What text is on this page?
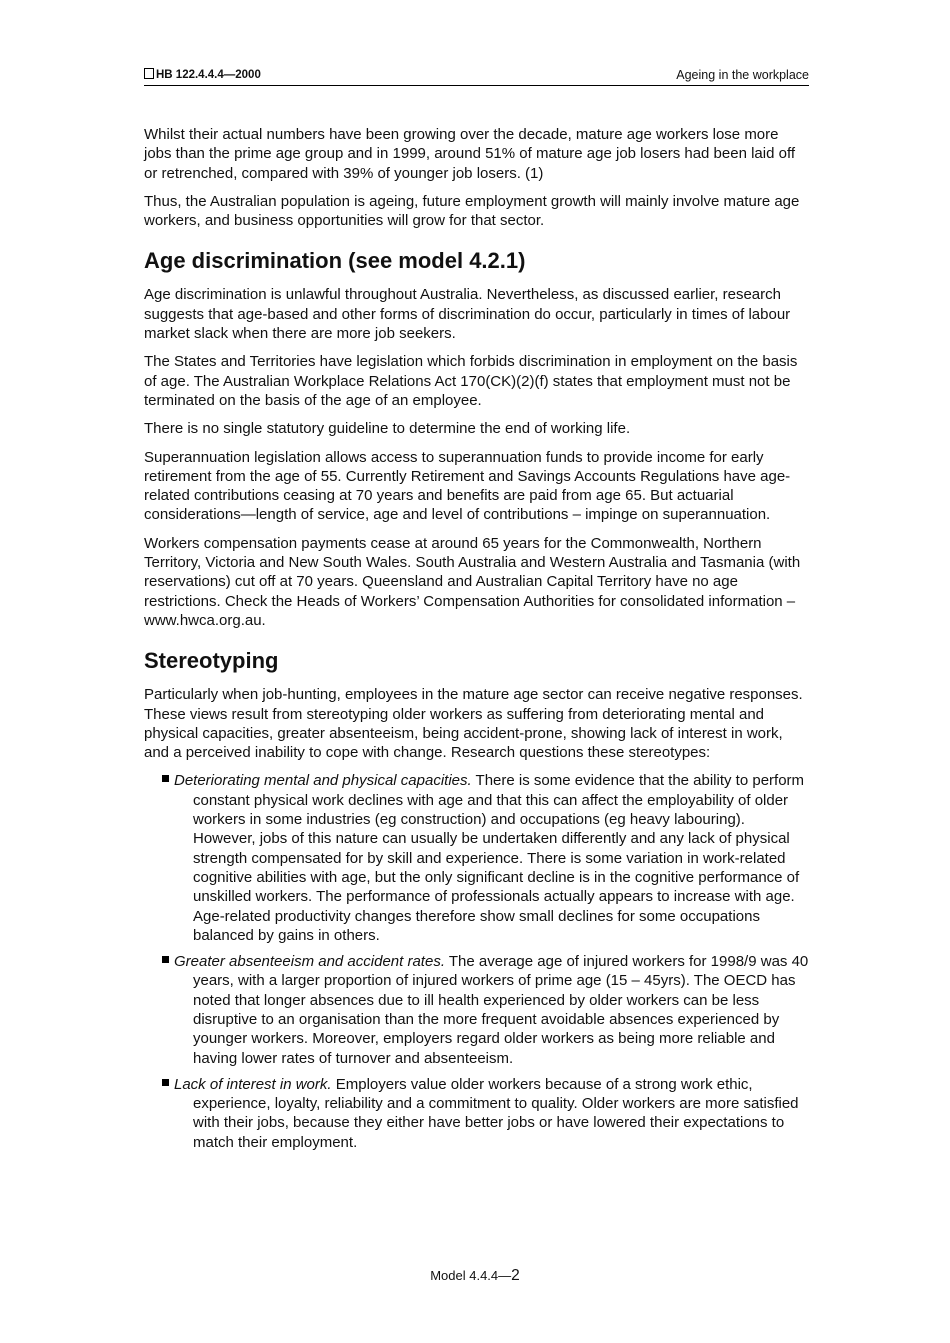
HB 122.4.4.4—2000	Ageing in the workplace

Whilst their actual numbers have been growing over the decade, mature age workers lose more jobs than the prime age group and in 1999, around 51% of mature age job losers had been laid off or retrenched, compared with 39% of younger job losers. (1)

Thus, the Australian population is ageing, future employment growth will mainly involve mature age workers, and business opportunities will grow for that sector.

Age discrimination (see model 4.2.1)

Age discrimination is unlawful throughout Australia. Nevertheless, as discussed earlier, research suggests that age-based and other forms of discrimination do occur, particularly in times of labour market slack when there are more job seekers.

The States and Territories have legislation which forbids discrimination in employment on the basis of age. The Australian Workplace Relations Act 170(CK)(2)(f) states that employment must not be terminated on the basis of the age of an employee.

There is no single statutory guideline to determine the end of working life.

Superannuation legislation allows access to superannuation funds to provide income for early retirement from the age of 55. Currently Retirement and Savings Accounts Regulations have age- related contributions ceasing at 70 years and benefits are paid from age 65. But actuarial considerations—length of service, age and level of contributions – impinge on superannuation.

Workers compensation payments cease at around 65 years for the Commonwealth, Northern Territory, Victoria and New South Wales. South Australia and Western Australia and Tasmania (with reservations) cut off at 70 years. Queensland and Australian Capital Territory have no age restrictions. Check the Heads of Workers’ Compensation Authorities for consolidated information – www.hwca.org.au.

Stereotyping

Particularly when job-hunting, employees in the mature age sector can receive negative responses. These views result from stereotyping older workers as suffering from deteriorating mental and physical capacities, greater absenteeism, being accident-prone, showing lack of interest in work, and a perceived inability to cope with change. Research questions these stereotypes:

Deteriorating mental and physical capacities. There is some evidence that the ability to perform constant physical work declines with age and that this can affect the employability of older workers in some industries (eg construction) and occupations (eg heavy labouring). However, jobs of this nature can usually be undertaken differently and any lack of physical strength compensated for by skill and experience. There is some variation in work-related cognitive abilities with age, but the only significant decline is in the cognitive performance of unskilled workers. The performance of professionals actually appears to increase with age. Age-related productivity changes therefore show small declines for some occupations balanced by gains in others.
Greater absenteeism and accident rates. The average age of injured workers for 1998/9 was 40 years, with a larger proportion of injured workers of prime age (15 – 45yrs). The OECD has noted that longer absences due to ill health experienced by older workers can be less disruptive to an organisation than the more frequent avoidable absences experienced by younger workers. Moreover, employers regard older workers as being more reliable and having lower rates of turnover and absenteeism.
Lack of interest in work. Employers value older workers because of a strong work ethic, experience, loyalty, reliability and a commitment to quality. Older workers are more satisfied with their jobs, because they either have better jobs or have lowered their expectations to match their employment.
Model 4.4.4—2
